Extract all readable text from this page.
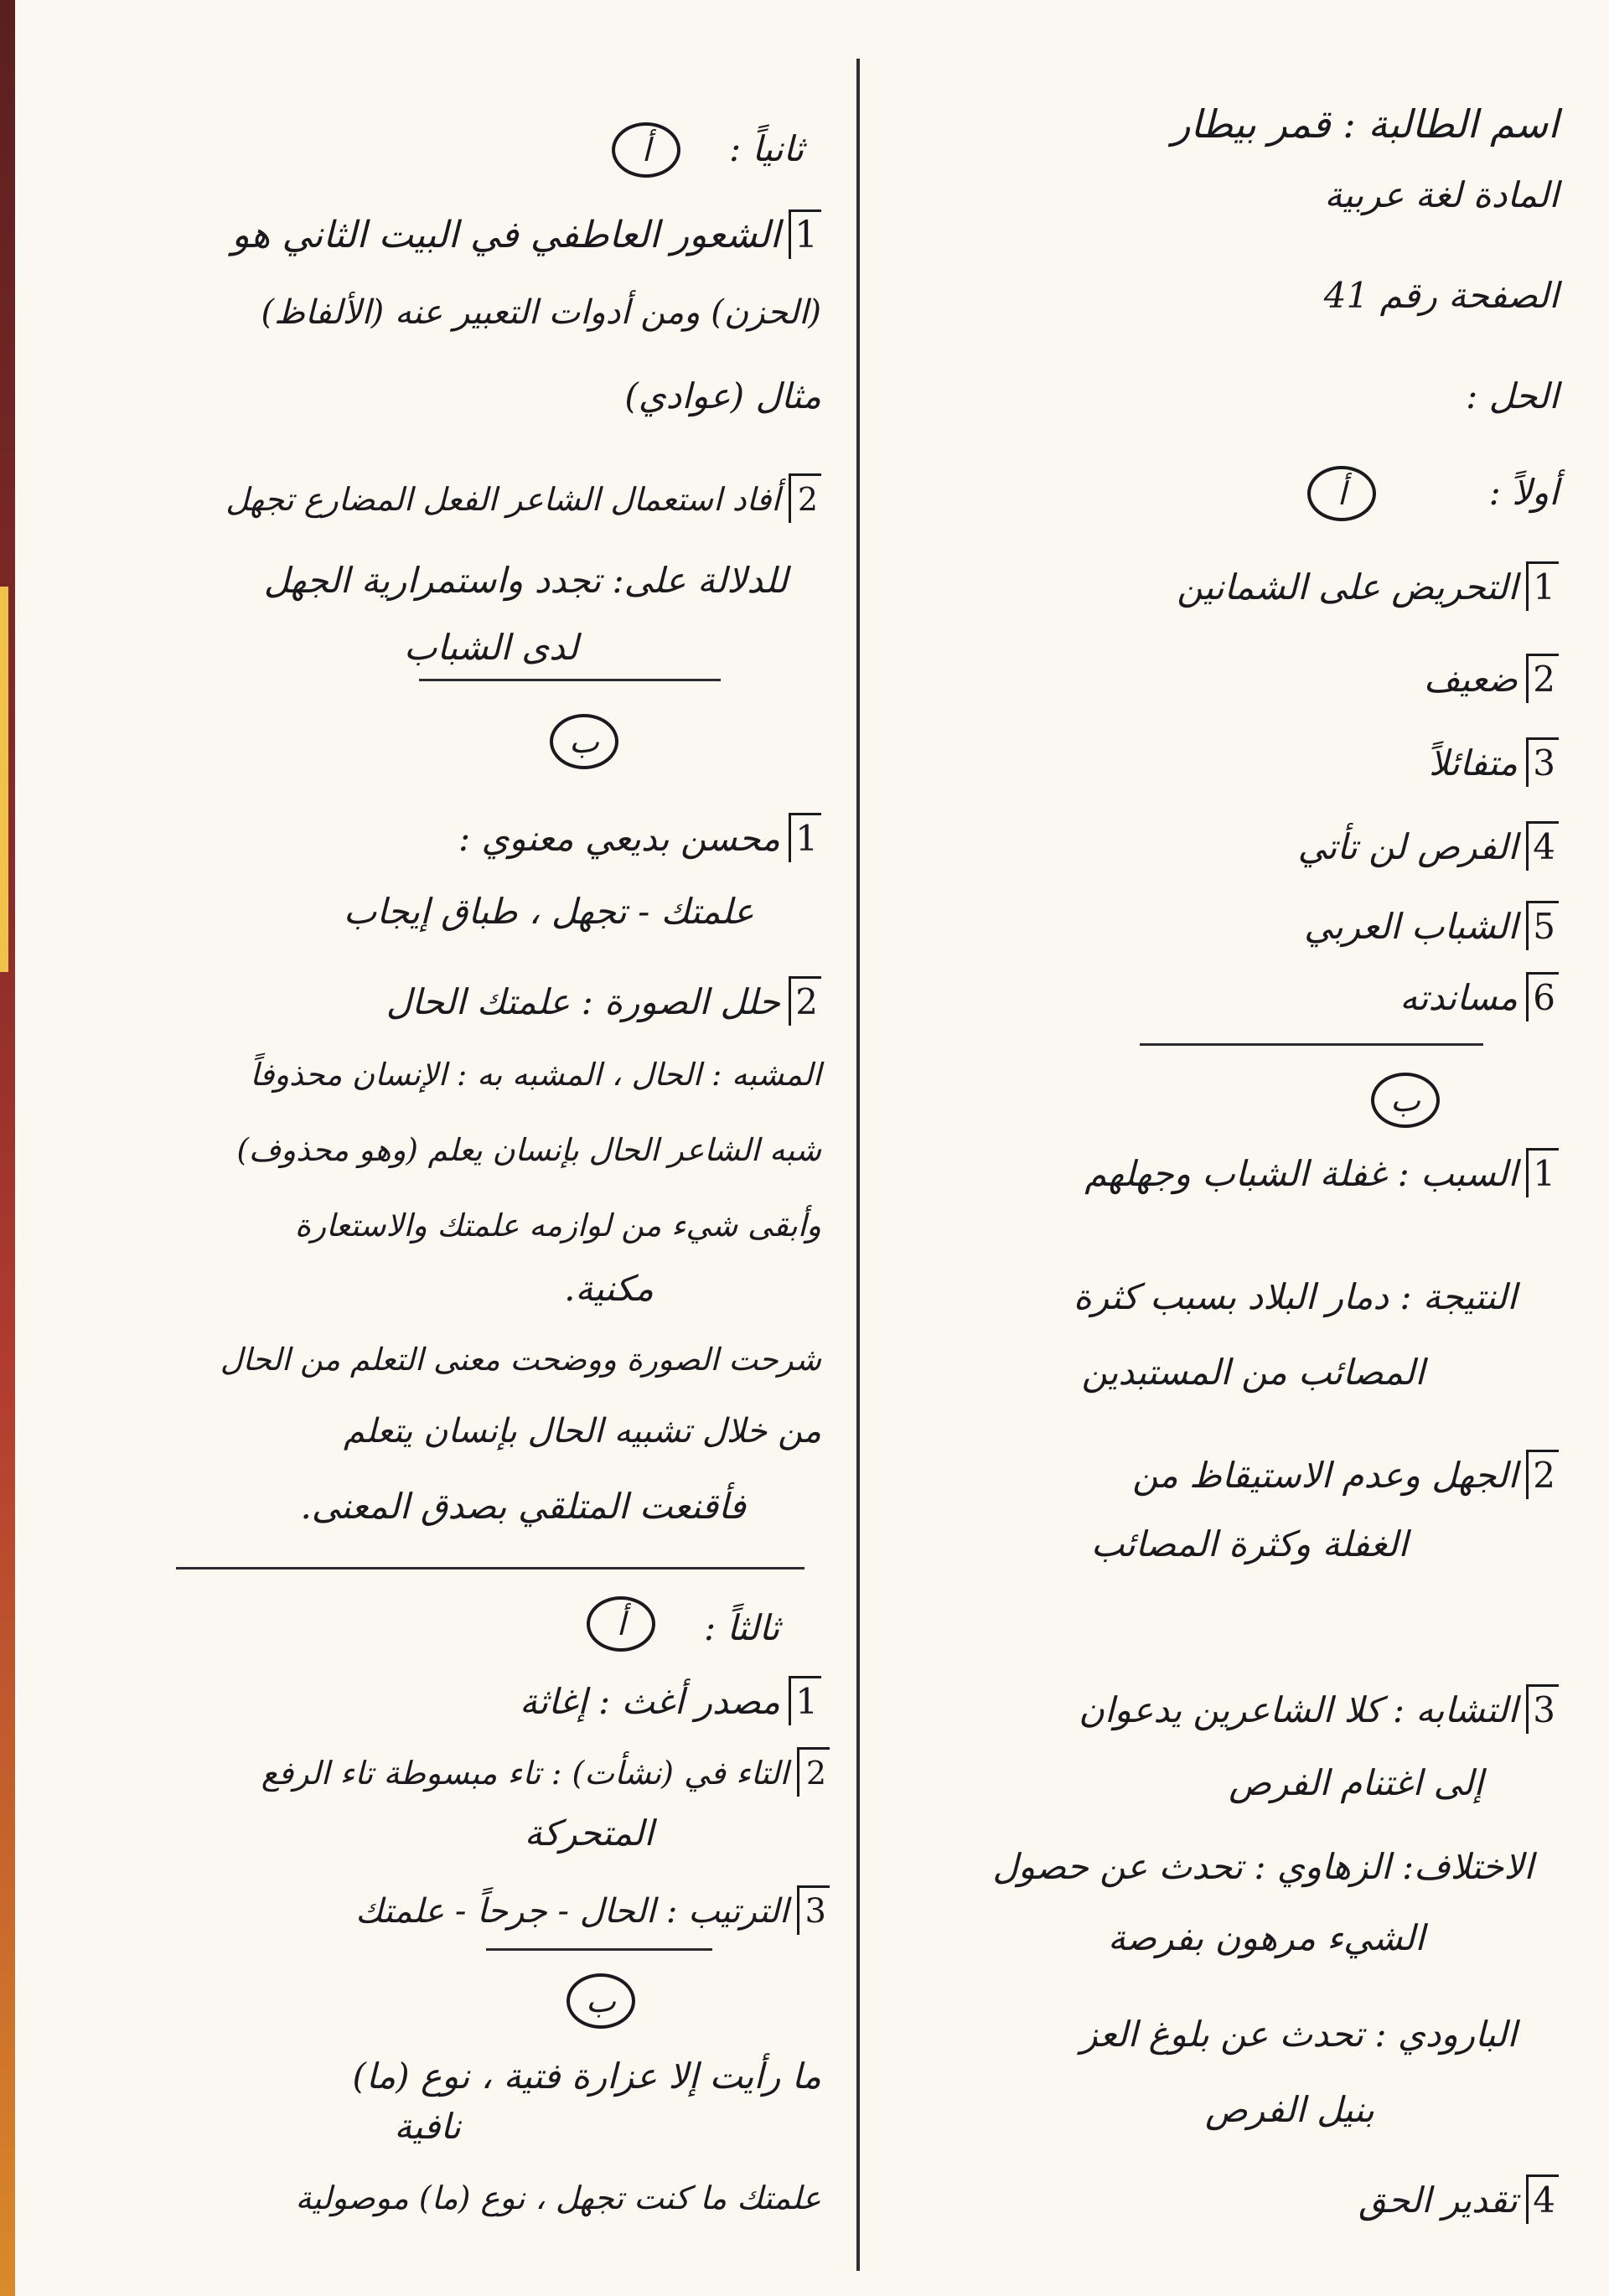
اسم الطالبة : قمر بيطار
المادة لغة عربية
الصفحة رقم 41
الحل :
أولاً :
أ
1التحريض على الشمانين
2ضعيف
3متفائلاً
4الفرص لن تأتي
5الشباب العربي
6مساندته
ب
1السبب : غفلة الشباب وجهلهم
النتيجة : دمار البلاد بسبب كثرة
المصائب من المستبدين
2الجهل وعدم الاستيقاظ من
الغفلة وكثرة المصائب
3التشابه : كلا الشاعرين يدعوان
إلى اغتنام الفرص
الاختلاف: الزهاوي : تحدث عن حصول
الشيء مرهون بفرصة
البارودي : تحدث عن بلوغ العز
بنيل الفرص
4تقدير الحق
ثانياً :
أ
1الشعور العاطفي في البيت الثاني هو
(الحزن) ومن أدوات التعبير عنه (الألفاظ)
مثال (عوادي)
2أفاد استعمال الشاعر الفعل المضارع تجهل
للدلالة على: تجدد واستمرارية الجهل
لدى الشباب
ب
1محسن بديعي معنوي :
علمتك - تجهل ، طباق إيجاب
2حلل الصورة : علمتك الحال
المشبه : الحال ، المشبه به : الإنسان محذوفاً
شبه الشاعر الحال بإنسان يعلم (وهو محذوف)
وأبقى شيء من لوازمه علمتك والاستعارة
مكنية.
شرحت الصورة ووضحت معنى التعلم من الحال
من خلال تشبيه الحال بإنسان يتعلم
فأقنعت المتلقي بصدق المعنى.
ثالثاً :
أ
1مصدر أغث : إغاثة
2التاء في (نشأت) : تاء مبسوطة تاء الرفع
المتحركة
3الترتيب : الحال - جرحاً - علمتك
ب
ما رأيت إلا عزارة فتية ، نوع (ما)
نافية
علمتك ما كنت تجهل ، نوع (ما) موصولية
